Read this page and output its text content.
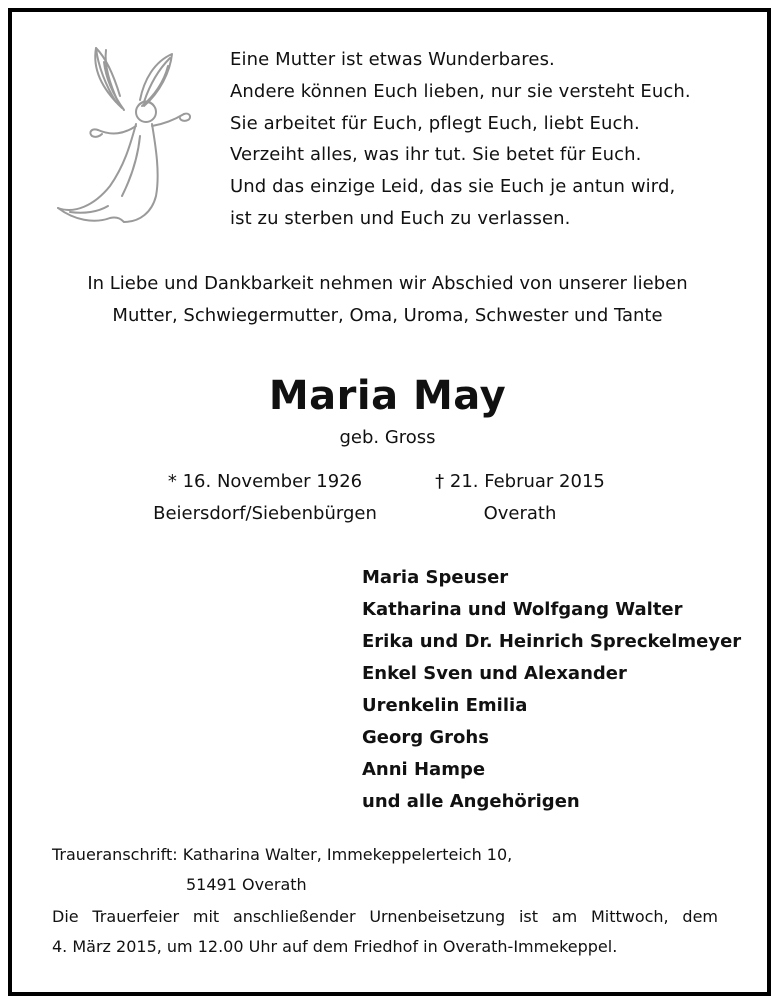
Eine Mutter ist etwas Wunderbares.
Andere können Euch lieben, nur sie versteht Euch.
Sie arbeitet für Euch, pflegt Euch, liebt Euch.
Verzeiht alles, was ihr tut. Sie betet für Euch.
Und das einzige Leid, das sie Euch je antun wird,
ist zu sterben und Euch zu verlassen.
In Liebe und Dankbarkeit nehmen wir Abschied von unserer lieben
Mutter, Schwiegermutter, Oma, Uroma, Schwester und Tante
Maria May
geb. Gross
* 16. November 1926
Beiersdorf/Siebenbürgen
† 21. Februar 2015
Overath
Maria Speuser
Katharina und Wolfgang Walter
Erika und Dr. Heinrich Spreckelmeyer
Enkel Sven und Alexander
Urenkelin Emilia
Georg Grohs
Anni Hampe
und alle Angehörigen
Traueranschrift: Katharina Walter, Immekeppelerteich 10,
51491 Overath
Die Trauerfeier mit anschließender Urnenbeisetzung ist am Mittwoch, dem
4. März 2015, um 12.00 Uhr auf dem Friedhof in Overath-Immekeppel.
